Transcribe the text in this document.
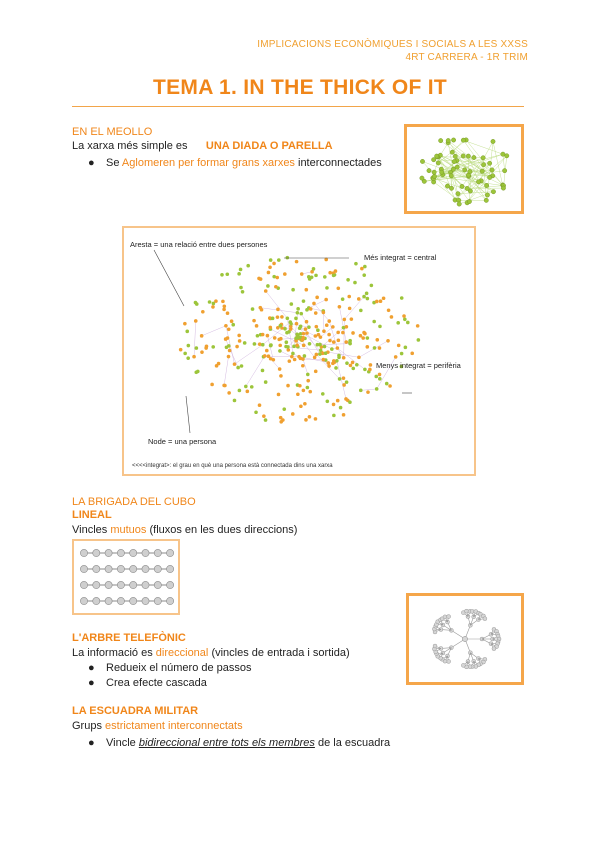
IMPLICACIONS ECONÒMIQUES I SOCIALS A LES XXSS
4RT CARRERA - 1R TRIM
TEMA 1. IN THE THICK OF IT
EN EL MEOLLO
La xarxa més simple es UNA DIADA O PARELLA
● Se Aglomeren per formar grans xarxes interconnectades
Aresta = una relació entre dues persones
Més integrat = central
Menys integrat = perifèria
Node = una persona
<<<<integrat>: el grau en què una persona està connectada dins una xarxa
LA BRIGADA DEL CUBO
LINEAL
Vincles mutuos (fluxos en les dues direccions)
L'ARBRE TELEFÒNIC
La informació es direccional (vincles de entrada i sortida)
● Redueix el número de passos
● Crea efecte cascada
LA ESCUADRA MILITAR
Grups estrictament interconnectats
● Vincle bidireccional entre tots els membres de la escuadra
